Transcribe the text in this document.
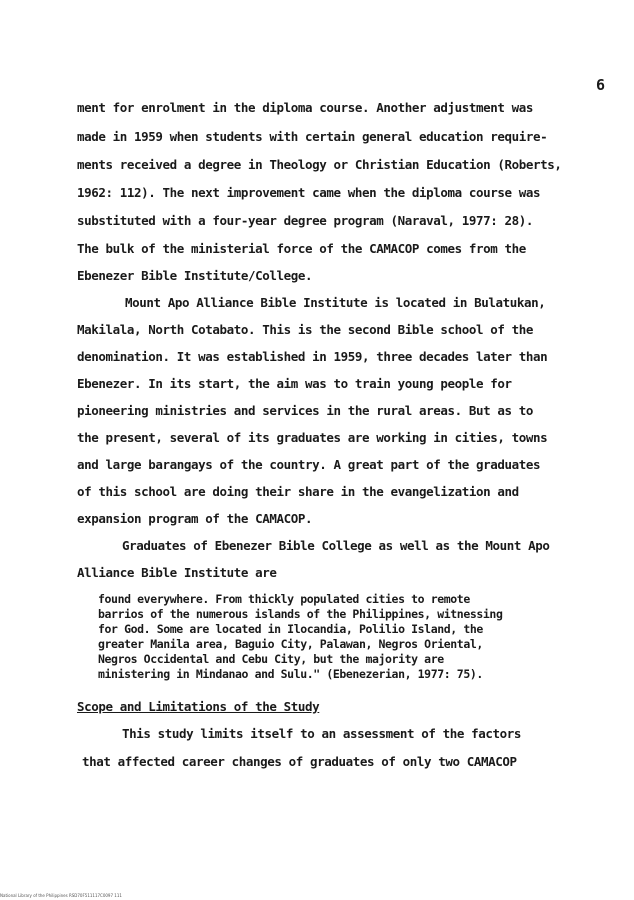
6
ment for enrolment in the diploma course. Another adjustment was
made in 1959 when students with certain general education require-
ments received a degree in Theology or Christian Education (Roberts,
1962: 112). The next improvement came when the diploma course was
substituted with a four-year degree program (Naraval, 1977: 28).
The bulk of the ministerial force of the CAMACOP comes from the
Ebenezer Bible Institute/College.
Mount Apo Alliance Bible Institute is located in Bulatukan,
Makilala, North Cotabato. This is the second Bible school of the
denomination. It was established in 1959, three decades later than
Ebenezer. In its start, the aim was to train young people for
pioneering ministries and services in the rural areas. But as to
the present, several of its graduates are working in cities, towns
and large barangays of the country. A great part of the graduates
of this school are doing their share in the evangelization and
expansion program of the CAMACOP.
Graduates of Ebenezer Bible College as well as the Mount Apo
Alliance Bible Institute are
found everywhere. From thickly populated cities to remote
barrios of the numerous islands of the Philippines, witnessing
for God. Some are located in Ilocandia, Polilio Island, the
greater Manila area, Baguio City, Palawan, Negros Oriental,
Negros Occidental and Cebu City, but the majority are
ministering in Mindanao and Sulu." (Ebenezerian, 1977: 75).
Scope and Limitations of the Study
This study limits itself to an assessment of the factors
that affected career changes of graduates of only two CAMACOP
National Library of the Philippines RSD70F511117C0097 111
